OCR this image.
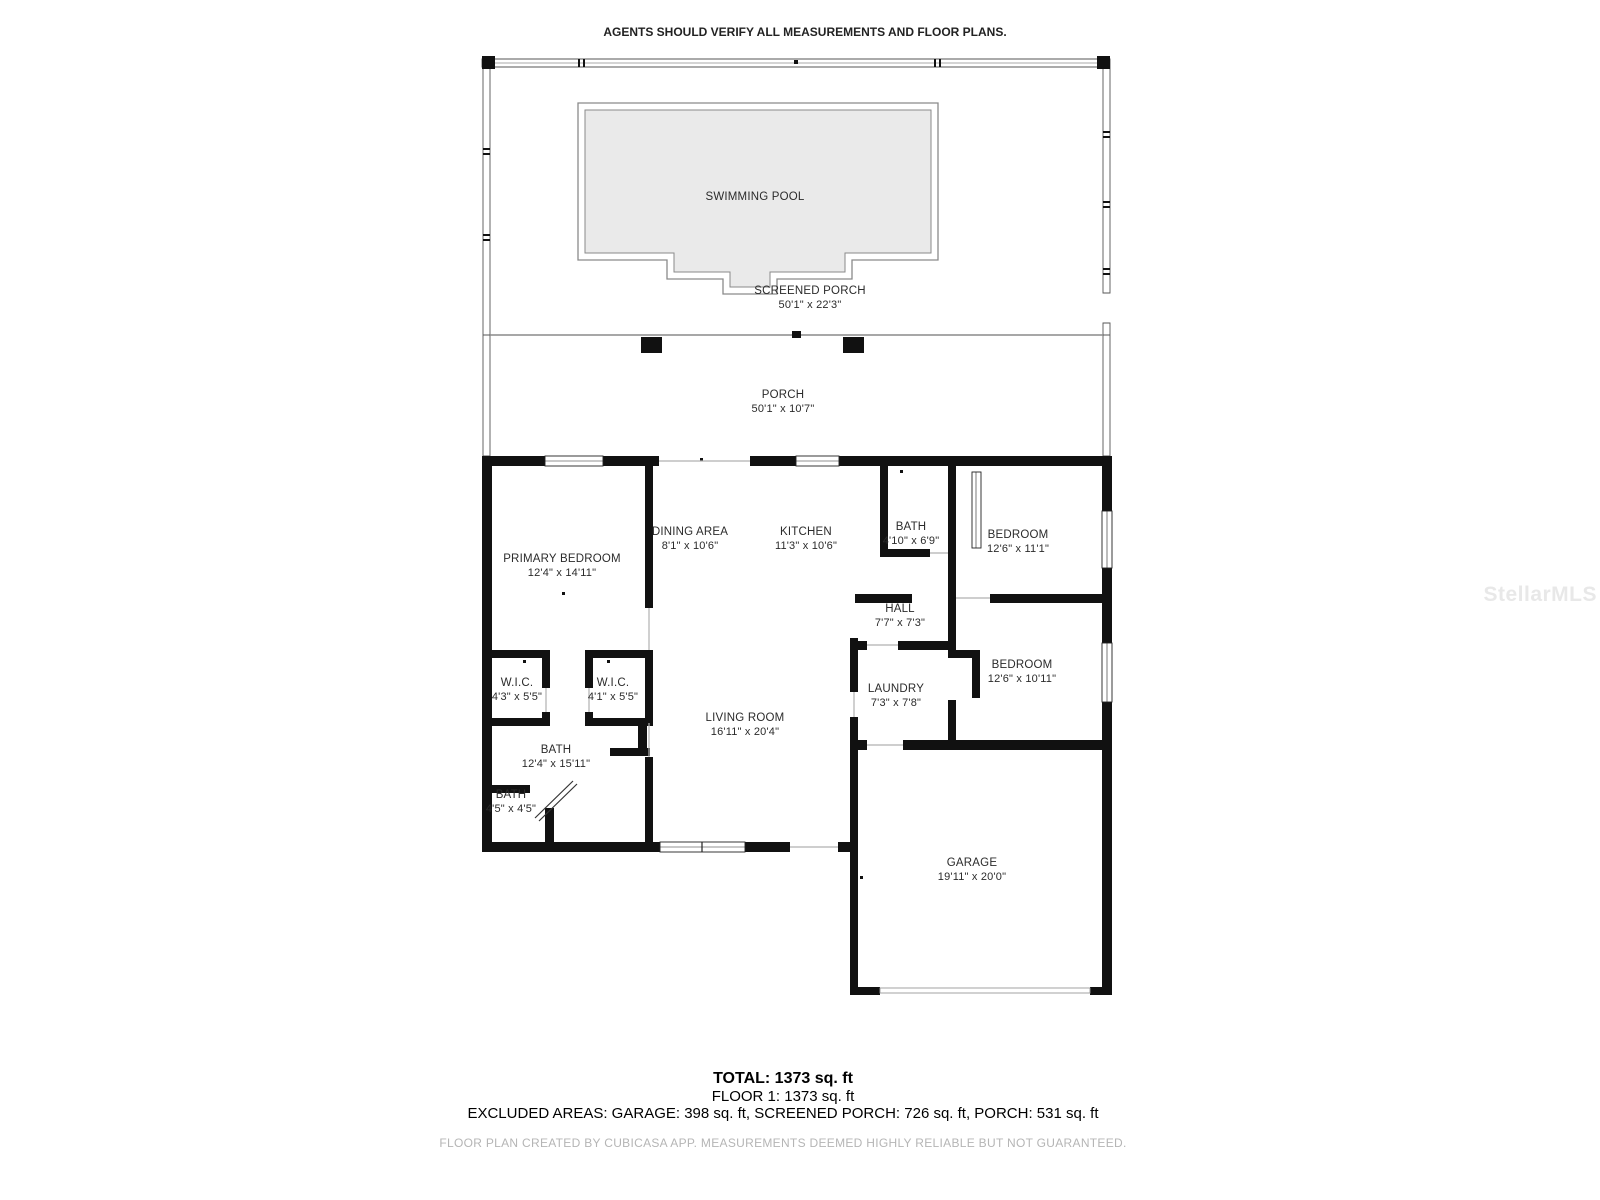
AGENTS SHOULD VERIFY ALL MEASUREMENTS AND FLOOR PLANS.
SWIMMING POOL
SCREENED PORCH
50'1" x 22'3"
PORCH
50'1" x 10'7"
PRIMARY BEDROOM
12'4" x 14'11"
DINING AREA
8'1" x 10'6"
KITCHEN
11'3" x 10'6"
BATH
4'10" x 6'9"	BEDROOM
12'6" x 11'1"
HALL
7'7" x 7'3"
W.I.C.
4'3" x 5'5"
W.I.C.
4'1" x 5'5"
BEDROOM
12'6" x 10'11"
LAUNDRY
7'3" x 7'8"
LIVING ROOM
16'11" x 20'4"
BATH
12'4" x 15'11"
BATH
4'5" x 4'5"
GARAGE
19'11" x 20'0"
TOTAL: 1373 sq. ft
FLOOR 1: 1373 sq. ft
EXCLUDED AREAS: GARAGE: 398 sq. ft, SCREENED PORCH: 726 sq. ft, PORCH: 531 sq. ft
FLOOR PLAN CREATED BY CUBICASA APP. MEASUREMENTS DEEMED HIGHLY RELIABLE BUT NOT GUARANTEED.
StellarMLS
